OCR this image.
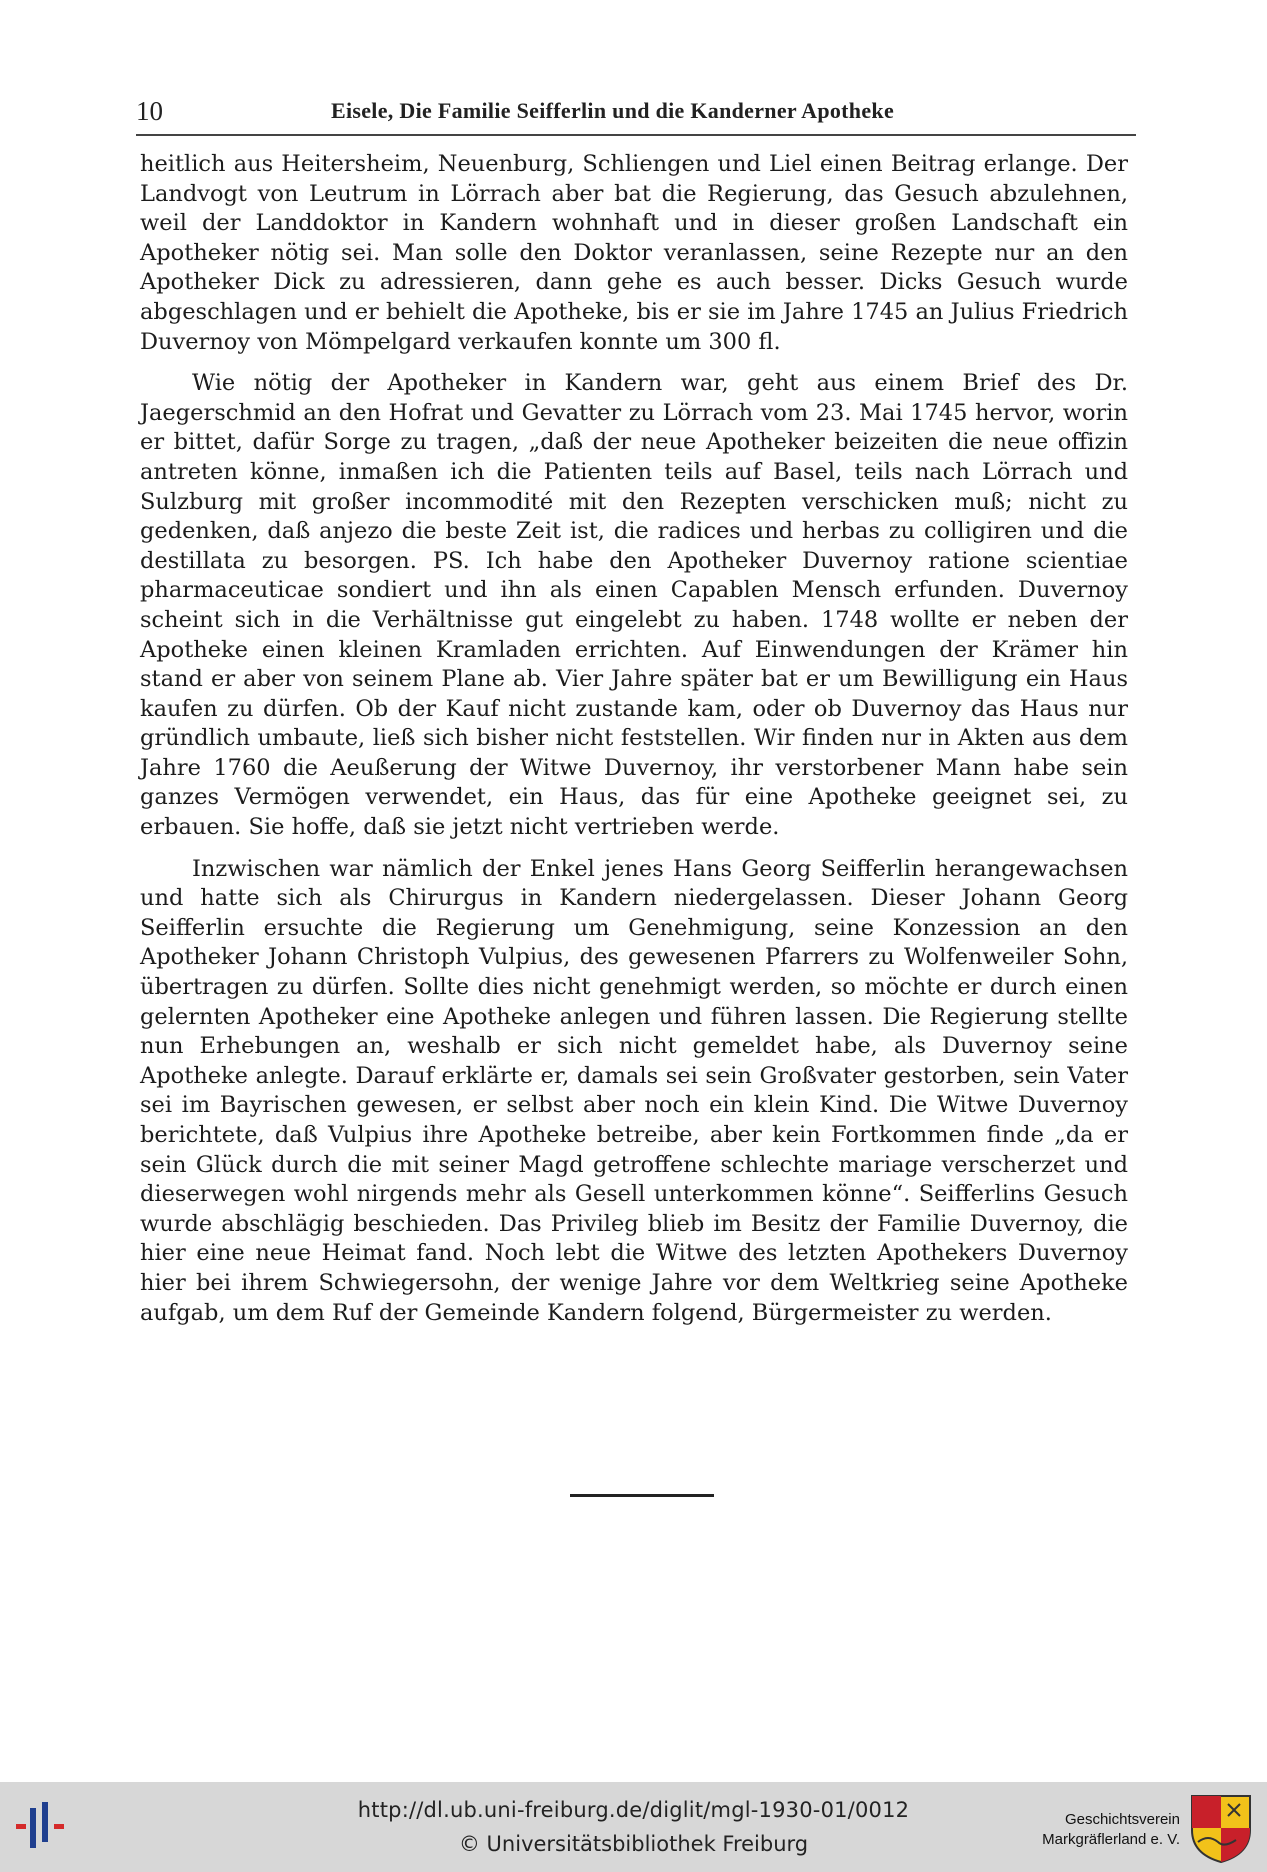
10	Eisele, Die Familie Seifferlin und die Kanderner Apotheke

heitlich aus Heitersheim, Neuenburg, Schliengen und Liel einen Beitrag erlange. Der Landvogt von Leutrum in Lörrach aber bat die Regierung, das Gesuch abzulehnen, weil der Landdoktor in Kandern wohnhaft und in dieser großen Landschaft ein Apotheker nötig sei. Man solle den Doktor veranlassen, seine Rezepte nur an den Apotheker Dick zu adressieren, dann gehe es auch besser. Dicks Gesuch wurde abgeschlagen und er behielt die Apotheke, bis er sie im Jahre 1745 an Julius Friedrich Duvernoy von Mömpelgard verkaufen konnte um 300 fl.

Wie nötig der Apotheker in Kandern war, geht aus einem Brief des Dr. Jaegerschmid an den Hofrat und Gevatter zu Lörrach vom 23. Mai 1745 hervor, worin er bittet, dafür Sorge zu tragen, „daß der neue Apotheker beizeiten die neue offizin antreten könne, inmaßen ich die Patienten teils auf Basel, teils nach Lörrach und Sulzburg mit großer incommodité mit den Rezepten verschicken muß; nicht zu gedenken, daß anjezo die beste Zeit ist, die radices und herbas zu colligiren und die destillata zu besorgen. PS. Ich habe den Apotheker Duvernoy ratione scientiae pharmaceuticae sondiert und ihn als einen Capablen Mensch erfunden. Duvernoy scheint sich in die Verhältnisse gut eingelebt zu haben. 1748 wollte er neben der Apotheke einen kleinen Kramladen errichten. Auf Einwendungen der Krämer hin stand er aber von seinem Plane ab. Vier Jahre später bat er um Bewilligung ein Haus kaufen zu dürfen. Ob der Kauf nicht zustande kam, oder ob Duvernoy das Haus nur gründlich umbaute, ließ sich bisher nicht feststellen. Wir finden nur in Akten aus dem Jahre 1760 die Aeußerung der Witwe Duvernoy, ihr verstorbener Mann habe sein ganzes Vermögen verwendet, ein Haus, das für eine Apotheke geeignet sei, zu erbauen. Sie hoffe, daß sie jetzt nicht vertrieben werde.

Inzwischen war nämlich der Enkel jenes Hans Georg Seifferlin herangewachsen und hatte sich als Chirurgus in Kandern niedergelassen. Dieser Johann Georg Seifferlin ersuchte die Regierung um Genehmigung, seine Konzession an den Apotheker Johann Christoph Vulpius, des gewesenen Pfarrers zu Wolfenweiler Sohn, übertragen zu dürfen. Sollte dies nicht genehmigt werden, so möchte er durch einen gelernten Apotheker eine Apotheke anlegen und führen lassen. Die Regierung stellte nun Erhebungen an, weshalb er sich nicht gemeldet habe, als Duvernoy seine Apotheke anlegte. Darauf erklärte er, damals sei sein Großvater gestorben, sein Vater sei im Bayrischen gewesen, er selbst aber noch ein klein Kind. Die Witwe Duvernoy berichtete, daß Vulpius ihre Apotheke betreibe, aber kein Fortkommen finde „da er sein Glück durch die mit seiner Magd getroffene schlechte mariage verscherzet und dieserwegen wohl nirgends mehr als Gesell unterkommen könne“. Seifferlins Gesuch wurde abschlägig beschieden. Das Privileg blieb im Besitz der Familie Duvernoy, die hier eine neue Heimat fand. Noch lebt die Witwe des letzten Apothekers Duvernoy hier bei ihrem Schwiegersohn, der wenige Jahre vor dem Weltkrieg seine Apotheke aufgab, um dem Ruf der Gemeinde Kandern folgend, Bürgermeister zu werden.

http://dl.ub.uni-freiburg.de/diglit/mgl-1930-01/0012
© Universitätsbibliothek Freiburg
Geschichtsverein
Markgräflerland e. V.
